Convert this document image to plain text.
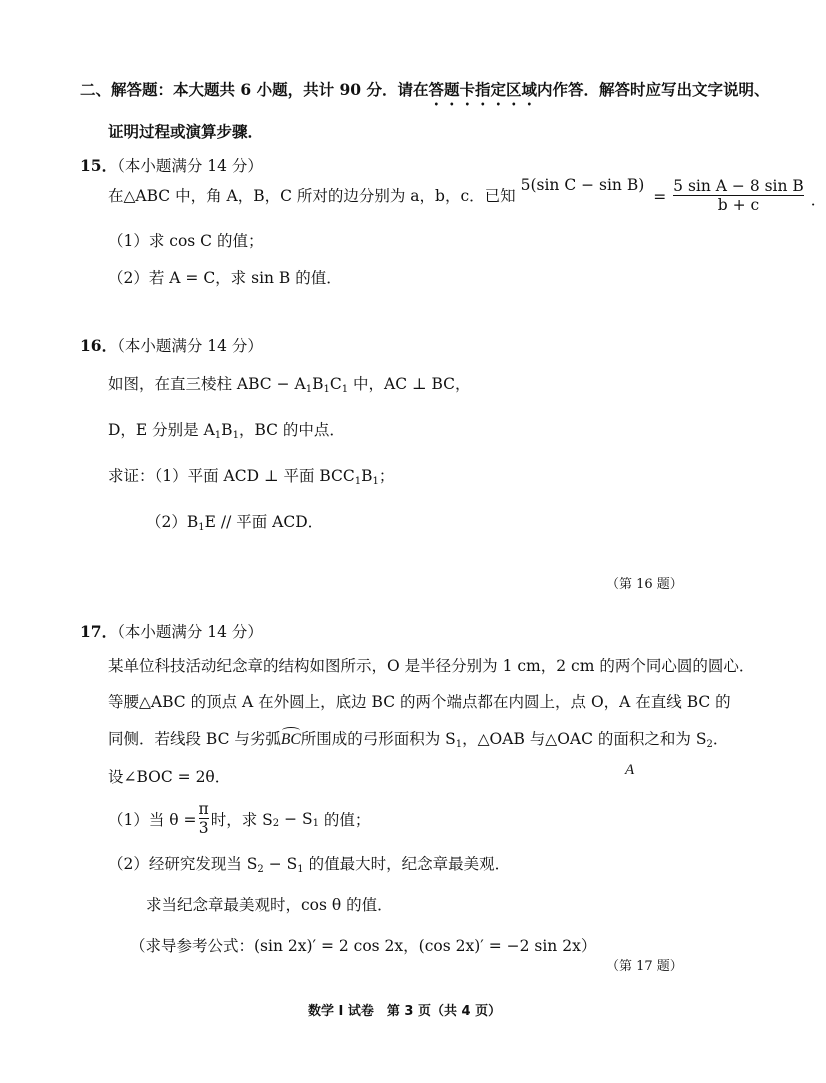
二、解答题：本大题共 6 小题，共计 90 分．请在答题卡指定区域内作答．解答时应写出文字说明、
证明过程或演算步骤．
15．（本小题满分 14 分）
在△ABC 中，角 A，B，C 所对的边分别为 a，b，c．已知 5(sin $C - \sin B) = \frac{\text{5 sin A − 8 sin B}}{b + c}$ ．
（1）求 cos C 的值；
（2）若 A = C，求 sin B 的值．
16．（本小题满分 14 分）
如图，在直三棱柱 ABC − $A_1B_1C_1$ 中，AC ⊥ BC，
D，E 分别是 $A_1B_1$，BC 的中点．
求证：（1）平面 ACD ⊥ 平面 $BCC_1B_1$；
$(2)B_1E$ // 平面 ACD．
（第 16 题）
17．（本小题满分 14 分）
某单位科技活动纪念章的结构如图所示，O 是半径分别为 1 cm，2 cm 的两个同心圆的圆心．
等腰△ABC 的顶点 A 在外圆上，底边 BC 的两个端点都在内圆上，点 O，A 在直线 BC 的
同侧．若线段 BC 与劣弧BC所围成的弓形面积为 $S_1$，△OAB 与△OAC 的面积之和为 $S_2$．
设∠BOC = 2θ．	A
（1）当 $\theta = \frac{\pi}{3}$ 时，求 $S_2 - S_1$ 的值；
（2）经研究发现当 $S_2 - S_1$ 的值最大时，纪念章最美观．
求当纪念章最美观时，cos θ 的值．
（求导参考公式：(sin 2x)′ = 2 cos 2x，(cos 2x)′ = −2 sin 2x）
（第 17 题）
数学 I 试卷　第 3 页（共 4 页）
